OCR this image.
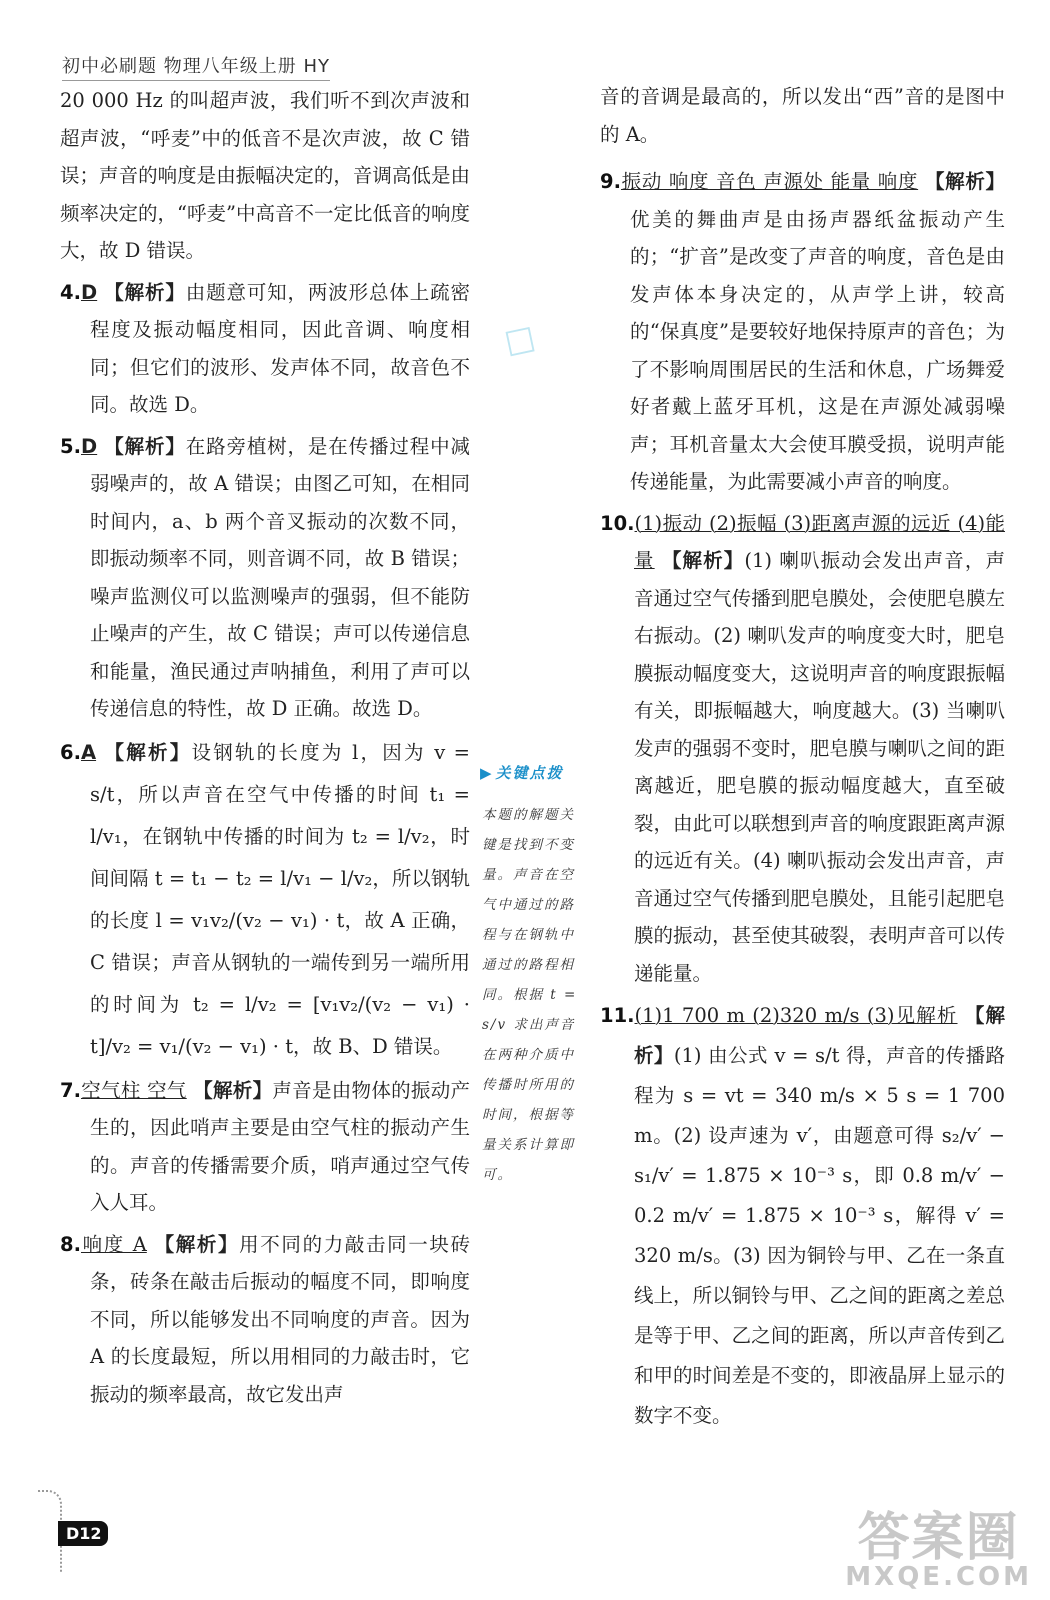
初中必刷题 物理八年级上册 HY
☐

20 000 Hz 的叫超声波，我们听不到次声波和超声波，“呼麦”中的低音不是次声波，故 C 错误；声音的响度是由振幅决定的，音调高低是由频率决定的，“呼麦”中高音不一定比低音的响度大，故 D 错误。

4.D 【解析】由题意可知，两波形总体上疏密程度及振动幅度相同，因此音调、响度相同；但它们的波形、发声体不同，故音色不同。故选 D。

5.D 【解析】在路旁植树，是在传播过程中减弱噪声的，故 A 错误；由图乙可知，在相同时间内，a、b 两个音叉振动的次数不同，即振动频率不同，则音调不同，故 B 错误；噪声监测仪可以监测噪声的强弱，但不能防止噪声的产生，故 C 错误；声可以传递信息和能量，渔民通过声呐捕鱼，利用了声可以传递信息的特性，故 D 正确。故选 D。

6.A 【解析】设钢轨的长度为 l，因为 v = s/t，所以声音在空气中传播的时间 t₁ = l/v₁，在钢轨中传播的时间为 t₂ = l/v₂，时间间隔 t = t₁ − t₂ = l/v₁ − l/v₂，所以钢轨的长度 l = v₁v₂/(v₂ − v₁) · t，故 A 正确，C 错误；声音从钢轨的一端传到另一端所用的时间为 t₂ = l/v₂ = [v₁v₂/(v₂ − v₁) · t]/v₂ = v₁/(v₂ − v₁) · t，故 B、D 错误。

7.空气柱 空气 【解析】声音是由物体的振动产生的，因此哨声主要是由空气柱的振动产生的。声音的传播需要介质，哨声通过空气传入人耳。

8.响度 A 【解析】用不同的力敲击同一块砖条，砖条在敲击后振动的幅度不同，即响度不同，所以能够发出不同响度的声音。因为 A 的长度最短，所以用相同的力敲击时，它振动的频率最高，故它发出声

▶ 关键点拨
本题的解题关键是找到不变量。声音在空气中通过的路程与在钢轨中通过的路程相同。根据 t = s/v 求出声音在两种介质中传播时所用的时间，根据等量关系计算即可。

音的音调是最高的，所以发出“西”音的是图中的 A。

9.振动 响度 音色 声源处 能量 响度 【解析】优美的舞曲声是由扬声器纸盆振动产生的；“扩音”是改变了声音的响度，音色是由发声体本身决定的，从声学上讲，较高的“保真度”是要较好地保持原声的音色；为了不影响周围居民的生活和休息，广场舞爱好者戴上蓝牙耳机，这是在声源处减弱噪声；耳机音量太大会使耳膜受损，说明声能传递能量，为此需要减小声音的响度。

10.(1)振动 (2)振幅 (3)距离声源的远近 (4)能量 【解析】(1) 喇叭振动会发出声音，声音通过空气传播到肥皂膜处，会使肥皂膜左右振动。(2) 喇叭发声的响度变大时，肥皂膜振动幅度变大，这说明声音的响度跟振幅有关，即振幅越大，响度越大。(3) 当喇叭发声的强弱不变时，肥皂膜与喇叭之间的距离越近，肥皂膜的振动幅度越大，直至破裂，由此可以联想到声音的响度跟距离声源的远近有关。(4) 喇叭振动会发出声音，声音通过空气传播到肥皂膜处，且能引起肥皂膜的振动，甚至使其破裂，表明声音可以传递能量。

11.(1)1 700 m (2)320 m/s (3)见解析 【解析】(1) 由公式 v = s/t 得，声音的传播路程为 s = vt = 340 m/s × 5 s = 1 700 m。(2) 设声速为 v′，由题意可得 s₂/v′ − s₁/v′ = 1.875 × 10⁻³ s，即 0.8 m/v′ − 0.2 m/v′ = 1.875 × 10⁻³ s，解得 v′ = 320 m/s。(3) 因为铜铃与甲、乙在一条直线上，所以铜铃与甲、乙之间的距离之差总是等于甲、乙之间的距离，所以声音传到乙和甲的时间差是不变的，即液晶屏上显示的数字不变。

D12	答案圈
MXQE.COM
